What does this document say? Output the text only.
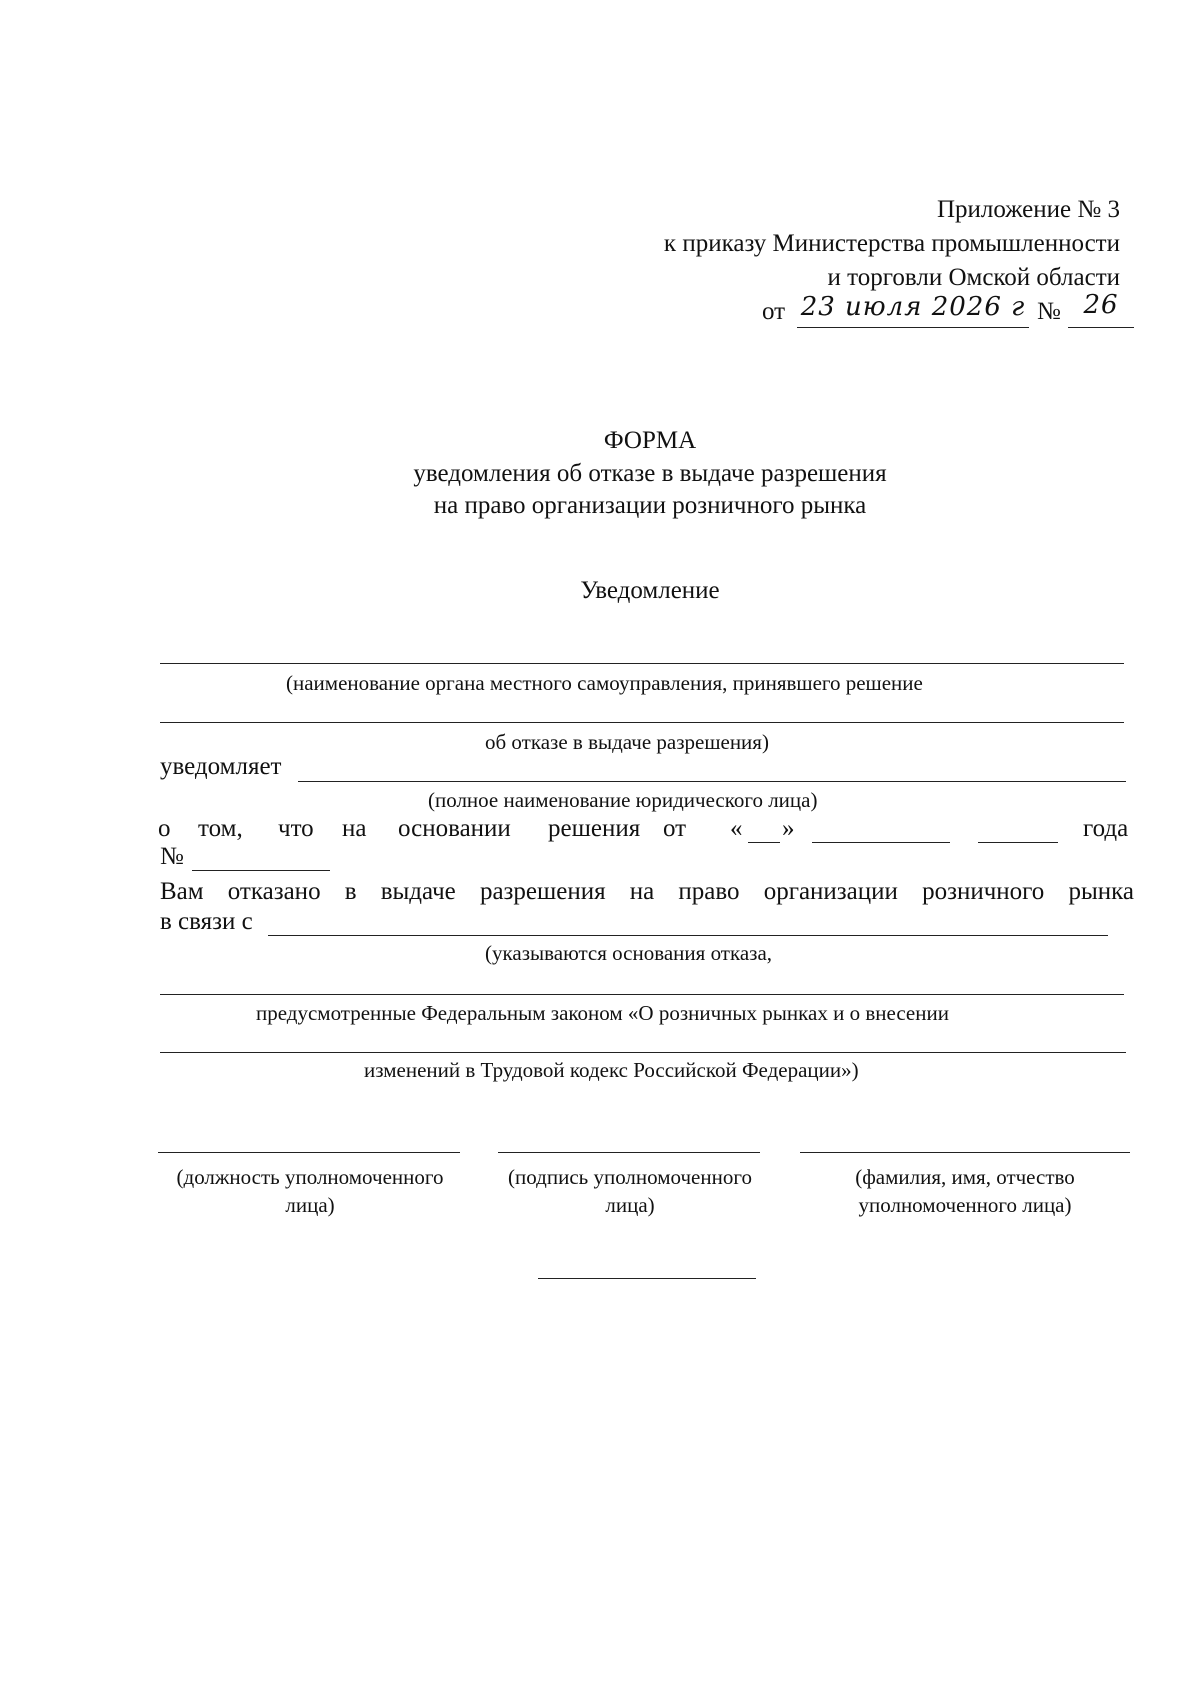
Приложение № 3
к приказу Министерства промышленности
и торговли Омской области
от 23 июля 2026 г № 26
ФОРМА
уведомления об отказе в выдаче разрешения
на право организации розничного рынка
Уведомление
(наименование органа местного самоуправления, принявшего решение
об отказе в выдаче разрешения)
уведомляет
(полное наименование юридического лица)
о том, что на основании решения от « »	года
№
Вам отказано в выдаче разрешения на право организации розничного рынка
в связи с
(указываются основания отказа,
предусмотренные Федеральным законом «О розничных рынках и о внесении
изменений в Трудовой кодекс Российской Федерации»)
(должность уполномоченного
лица)
(подпись уполномоченного
лица)
(фамилия, имя, отчество
уполномоченного лица)
